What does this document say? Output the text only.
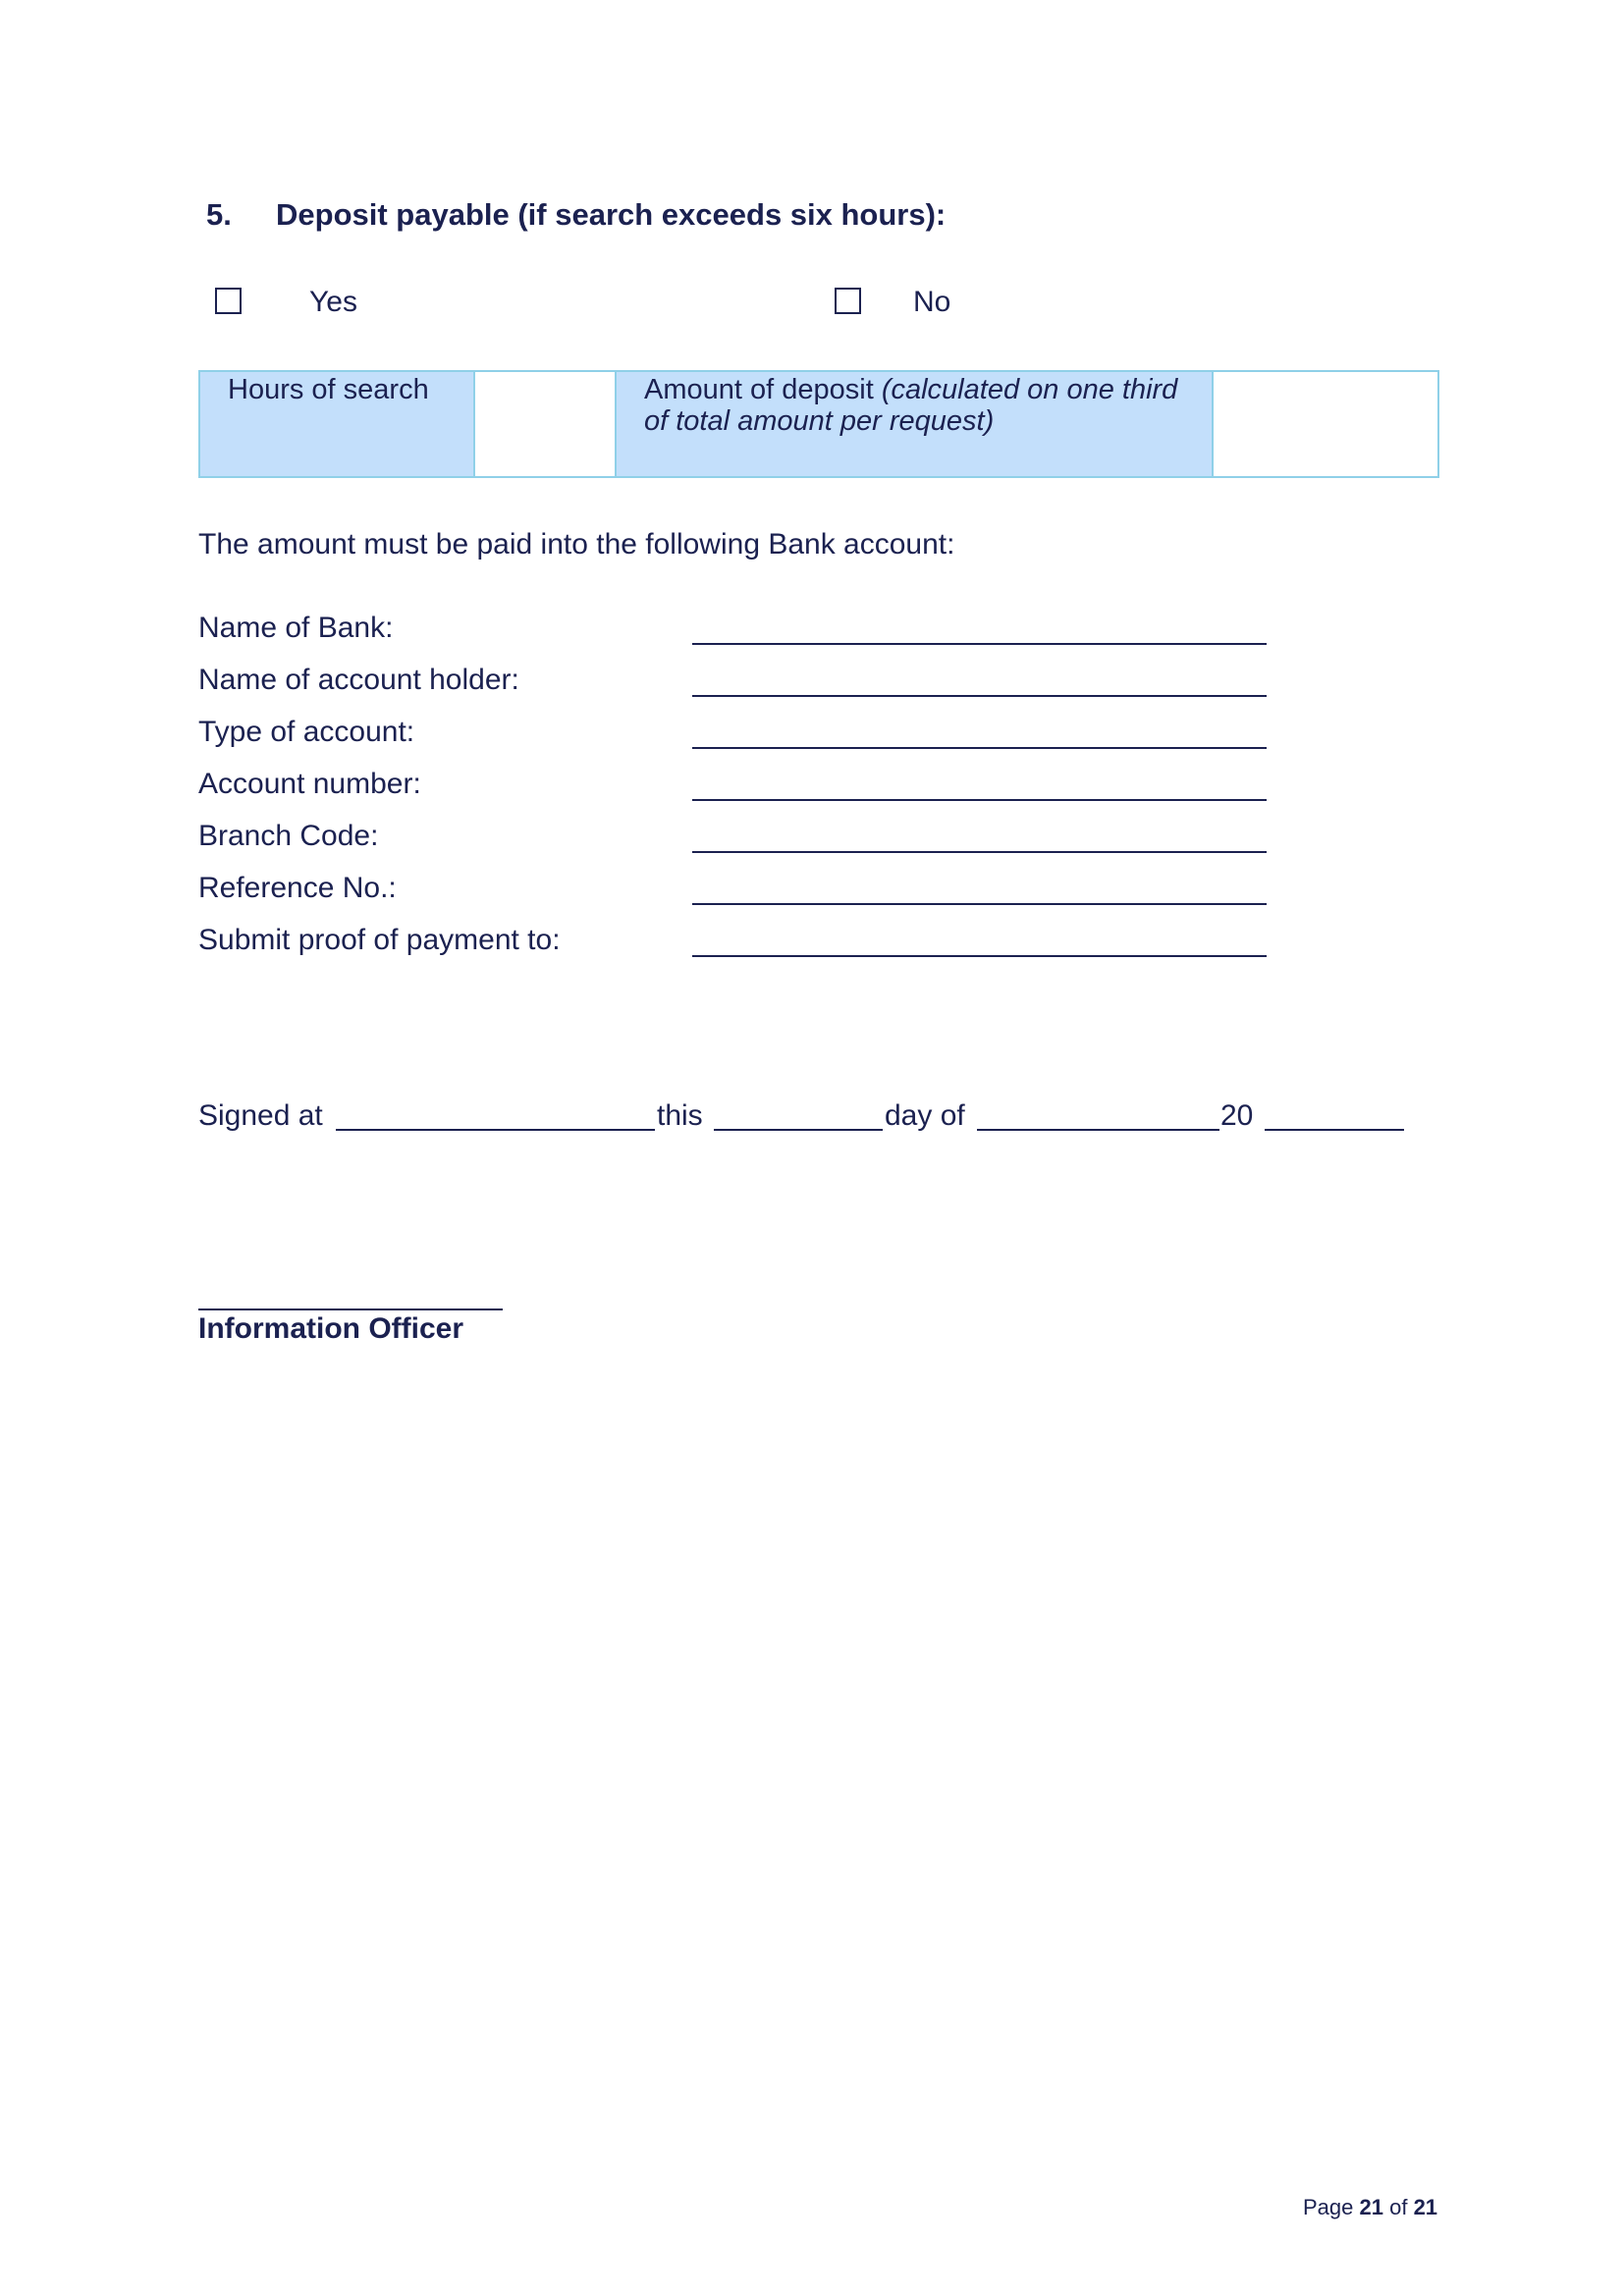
5. Deposit payable (if search exceeds six hours):
Yes	No
Hours of search		Amount of deposit (calculated on one third of total amount per request)	
The amount must be paid into the following Bank account:
Name of Bank:
Name of account holder:
Type of account:
Account number:
Branch Code:
Reference No.:
Submit proof of payment to:
Signed at	this	day of	20
Information Officer
Page 21 of 21
